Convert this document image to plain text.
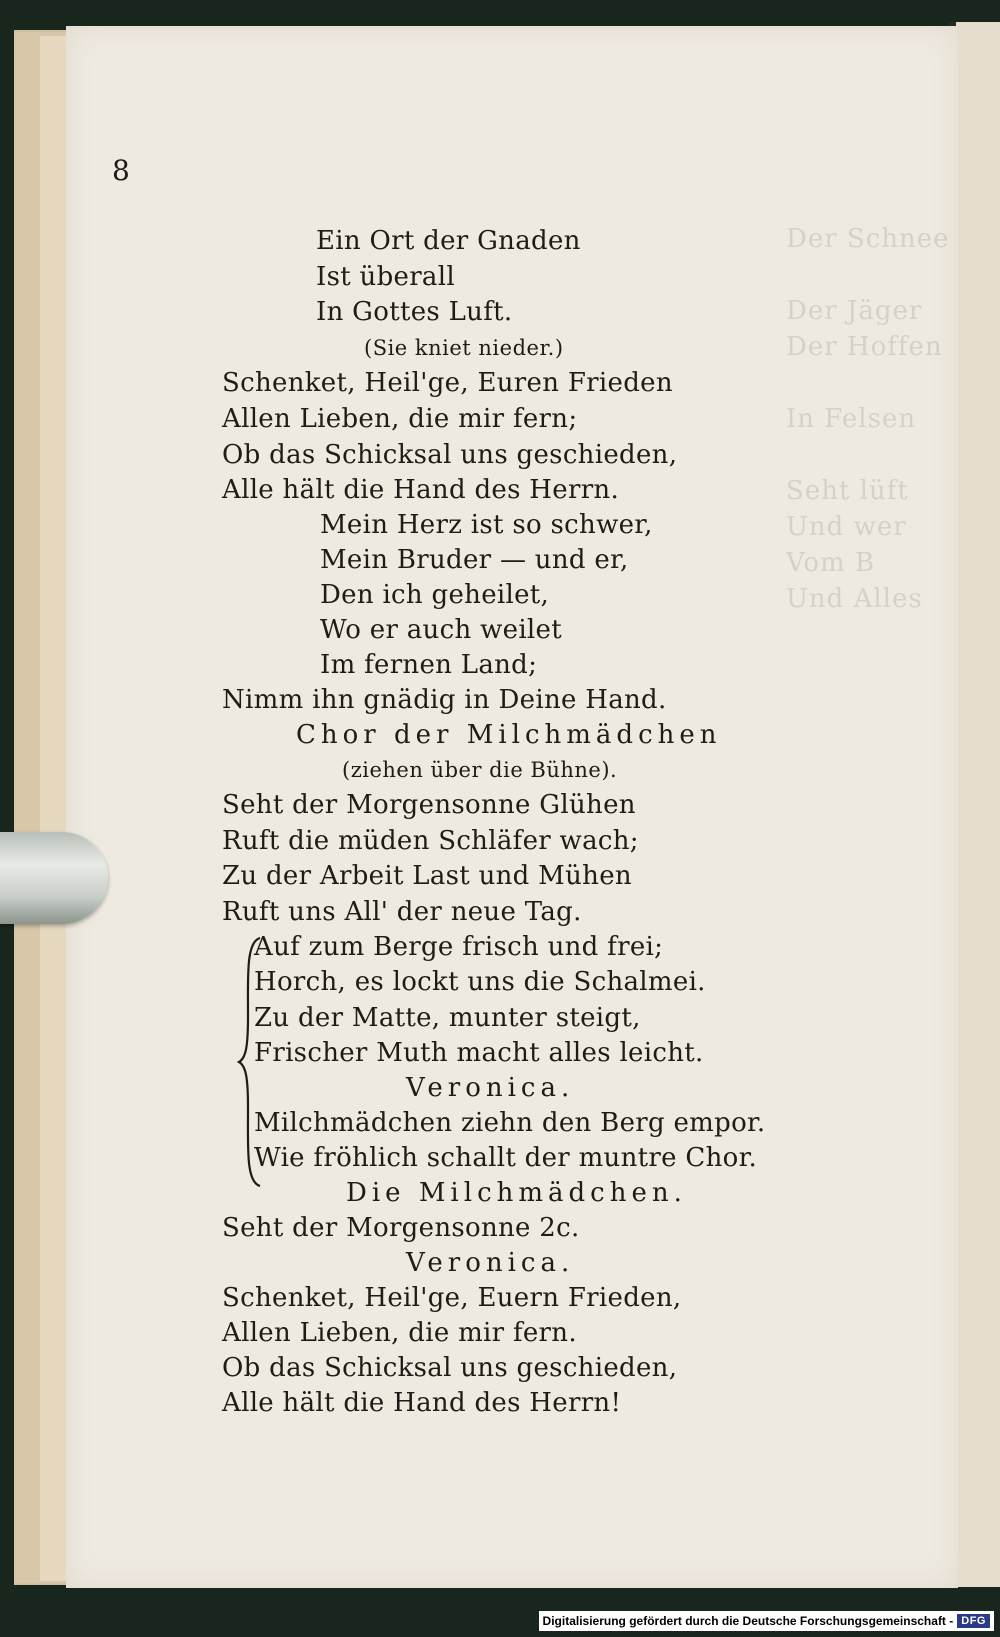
Der Schnee

Der Jäger
Der Hoffen

In Felsen

Seht lüft
Und wer
Vom B
Und Alles
8
Ein Ort der Gnaden
Ist überall
In Gottes Luft.
(Sie kniet nieder.)
Schenket, Heil'ge, Euren Frieden
Allen Lieben, die mir fern;
Ob das Schicksal uns geschieden,
Alle hält die Hand des Herrn.
Mein Herz ist so schwer,
Mein Bruder — und er,
Den ich geheilet,
Wo er auch weilet
Im fernen Land;
Nimm ihn gnädig in Deine Hand.
Chor der Milchmädchen
(ziehen über die Bühne).
Seht der Morgensonne Glühen
Ruft die müden Schläfer wach;
Zu der Arbeit Last und Mühen
Ruft uns All' der neue Tag.
Auf zum Berge frisch und frei;
Horch, es lockt uns die Schalmei.
Zu der Matte, munter steigt,
Frischer Muth macht alles leicht.
Veronica.
Milchmädchen ziehn den Berg empor.
Wie fröhlich schallt der muntre Chor.
Die Milchmädchen.
Seht der Morgensonne 2c.
Veronica.
Schenket, Heil'ge, Euern Frieden,
Allen Lieben, die mir fern.
Ob das Schicksal uns geschieden,
Alle hält die Hand des Herrn!
Digitalisierung gefördert durch die Deutsche Forschungsgemeinschaft - DFG
